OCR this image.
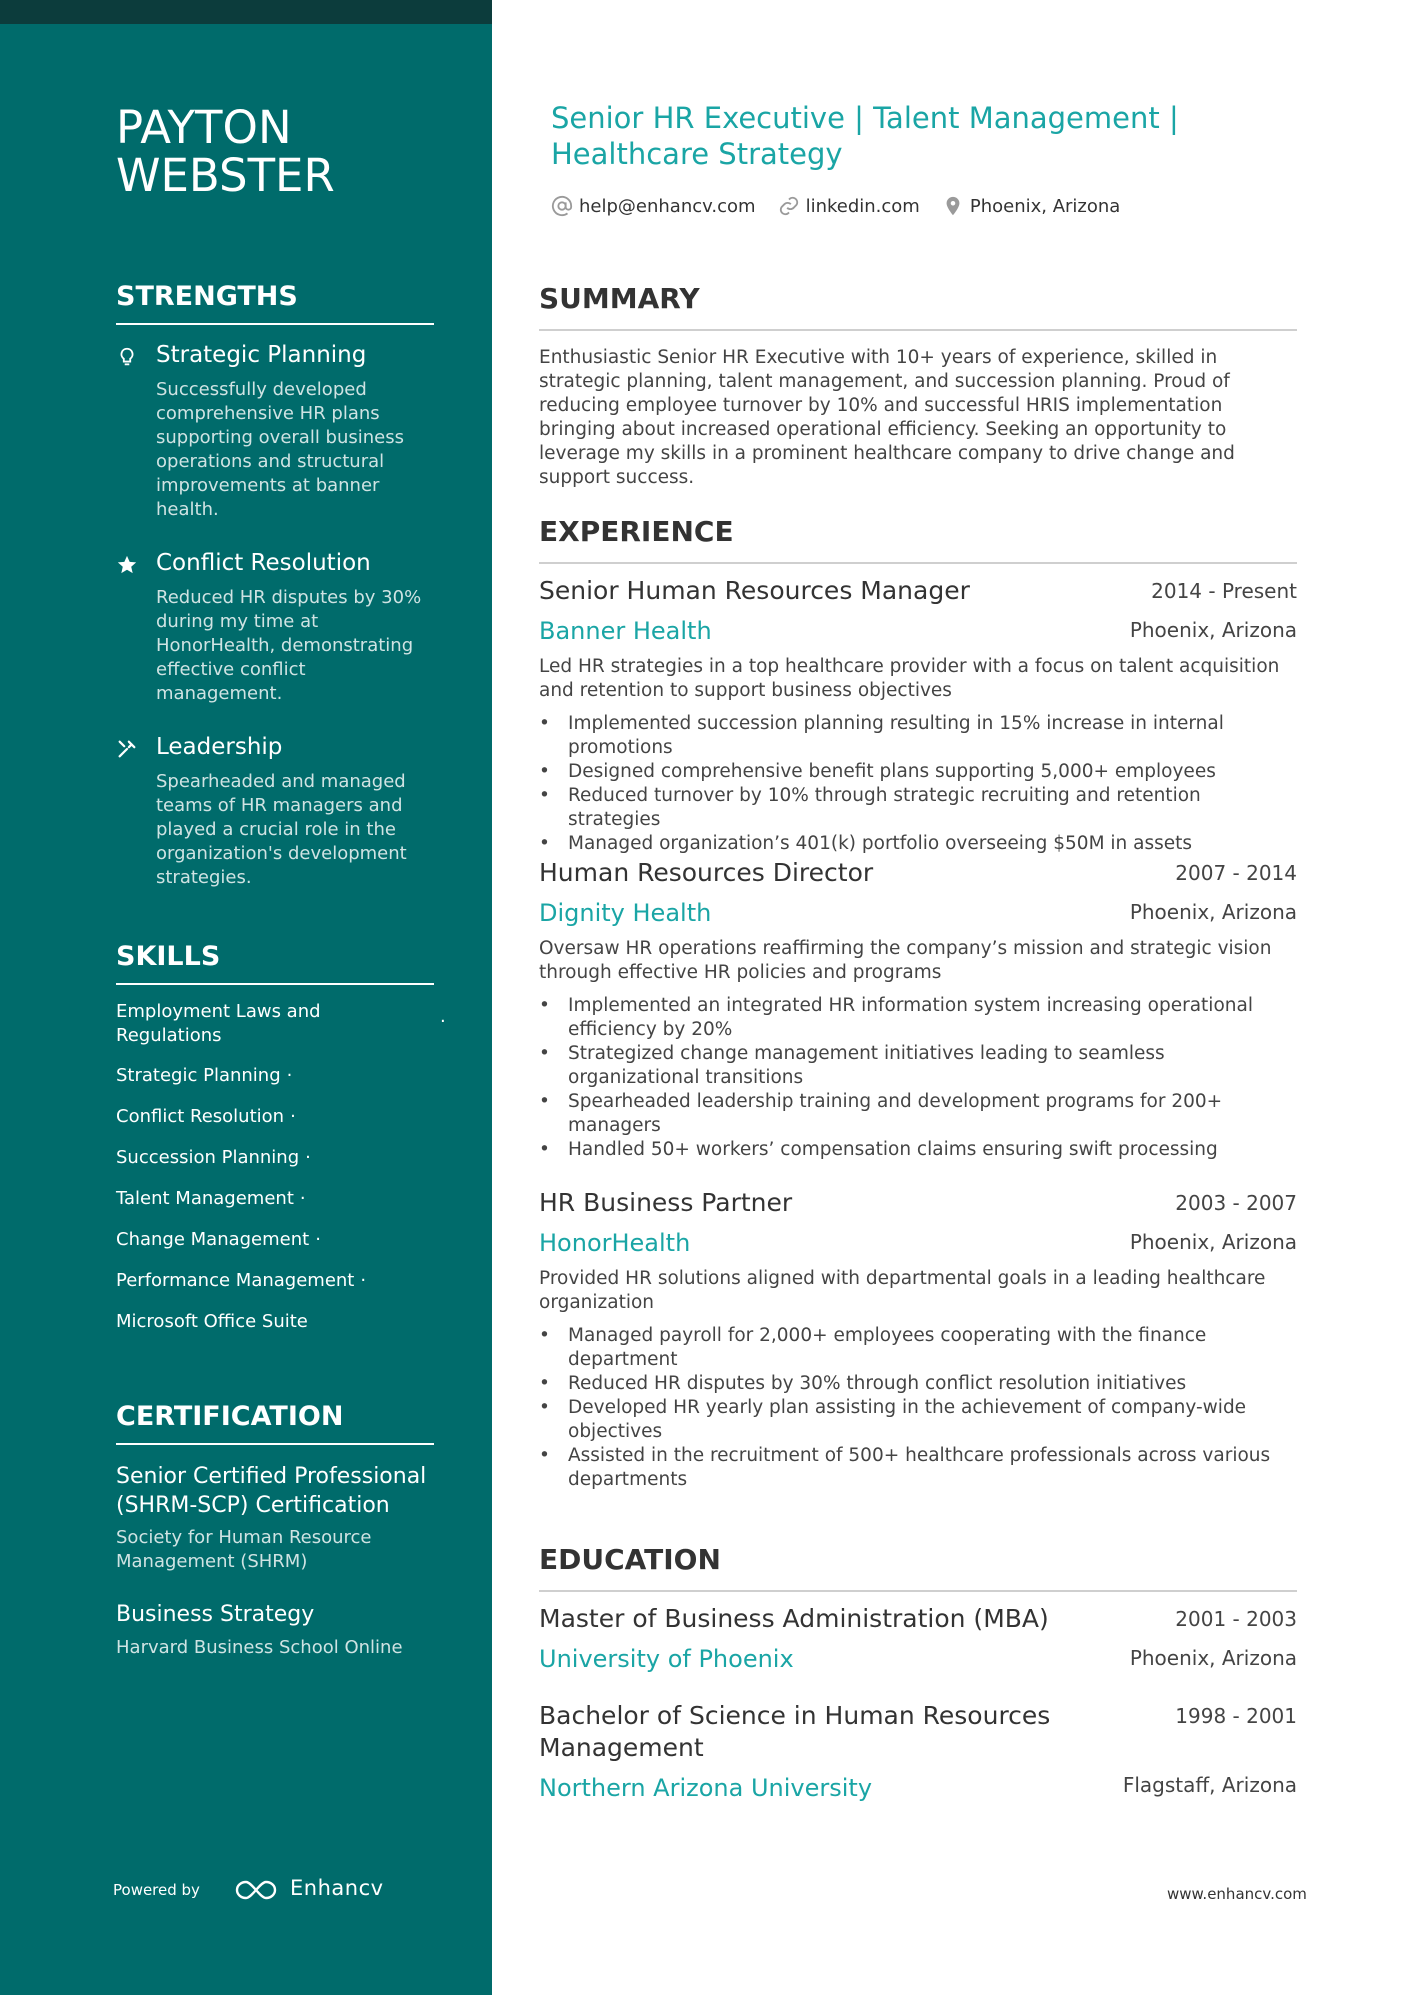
PAYTON
WEBSTER
STRENGTHS
Strategic Planning
Successfully developed comprehensive HR plans supporting overall business operations and structural improvements at banner health.
Conflict Resolution
Reduced HR disputes by 30% during my time at HonorHealth, demonstrating effective conflict management.
Leadership
Spearheaded and managed teams of HR managers and played a crucial role in the organization's development strategies.
SKILLS
Employment Laws and Regulations
·
Strategic Planning ·
Conflict Resolution ·
Succession Planning ·
Talent Management ·
Change Management ·
Performance Management ·
Microsoft Office Suite
CERTIFICATION
Senior Certified Professional (SHRM-SCP) Certification
Society for Human Resource Management (SHRM)
Business Strategy
Harvard Business School Online
Powered by	Enhancv
Senior HR Executive | Talent Management |
Healthcare Strategy
help@enhancv.com	linkedin.com	Phoenix, Arizona
SUMMARY

Enthusiastic Senior HR Executive with 10+ years of experience, skilled in strategic planning, talent management, and succession planning. Proud of reducing employee turnover by 10% and successful HRIS implementation bringing about increased operational efficiency. Seeking an opportunity to leverage my skills in a prominent healthcare company to drive change and support success.

EXPERIENCE
Senior Human Resources Manager	2014 - Present
Banner Health	Phoenix, Arizona
Led HR strategies in a top healthcare provider with a focus on talent acquisition and retention to support business objectives
• Implemented succession planning resulting in 15% increase in internal promotions
• Designed comprehensive benefit plans supporting 5,000+ employees
• Reduced turnover by 10% through strategic recruiting and retention strategies
• Managed organization’s 401(k) portfolio overseeing $50M in assets
Human Resources Director	2007 - 2014
Dignity Health	Phoenix, Arizona
Oversaw HR operations reaffirming the company’s mission and strategic vision through effective HR policies and programs
• Implemented an integrated HR information system increasing operational efficiency by 20%
• Strategized change management initiatives leading to seamless organizational transitions
• Spearheaded leadership training and development programs for 200+ managers
• Handled 50+ workers’ compensation claims ensuring swift processing
HR Business Partner	2003 - 2007
HonorHealth	Phoenix, Arizona
Provided HR solutions aligned with departmental goals in a leading healthcare organization
• Managed payroll for 2,000+ employees cooperating with the finance department
• Reduced HR disputes by 30% through conflict resolution initiatives
• Developed HR yearly plan assisting in the achievement of company-wide objectives
• Assisted in the recruitment of 500+ healthcare professionals across various departments
EDUCATION
Master of Business Administration (MBA)	2001 - 2003
University of Phoenix	Phoenix, Arizona
Bachelor of Science in Human Resources Management
1998 - 2001
Northern Arizona University	Flagstaff, Arizona
www.enhancv.com
